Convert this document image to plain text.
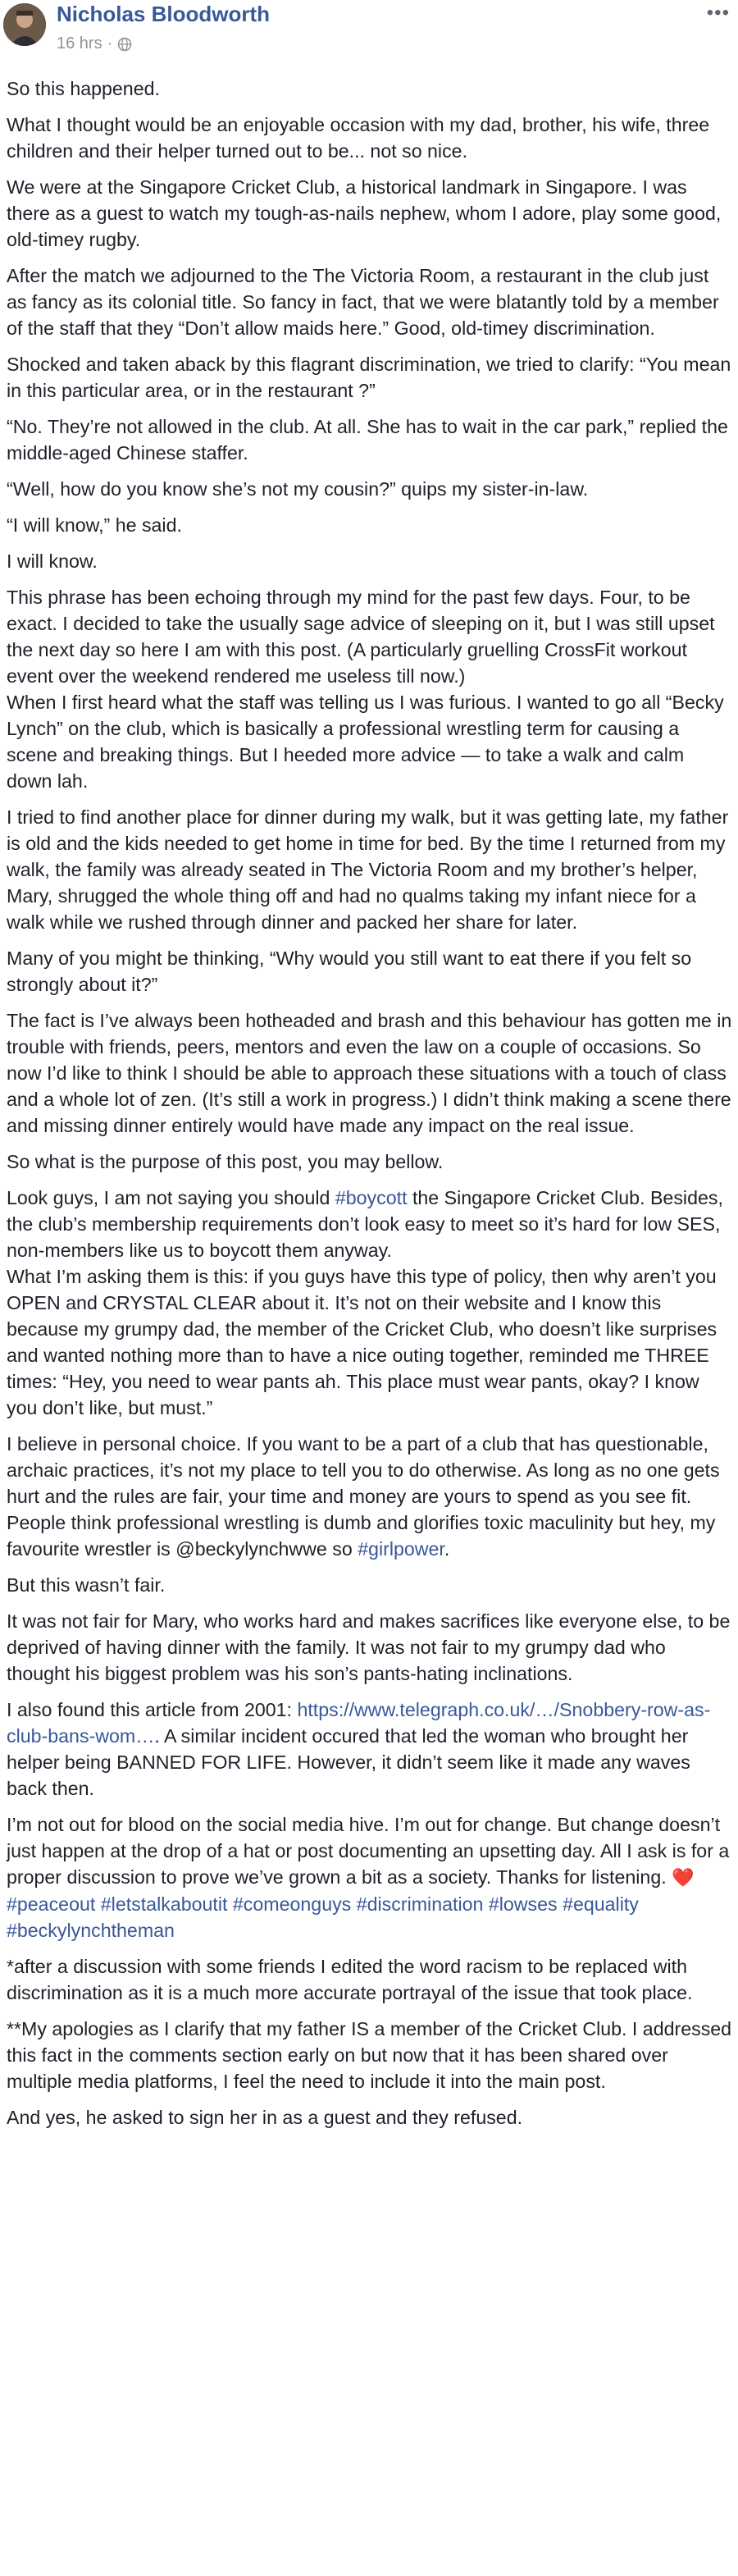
Nicholas Bloodworth
16 hrs ·
•••

So this happened.

What I thought would be an enjoyable occasion with my dad, brother, his wife, three children and their helper turned out to be... not so nice.

We were at the Singapore Cricket Club, a historical landmark in Singapore. I was there as a guest to watch my tough-as-nails nephew, whom I adore, play some good, old-timey rugby.

After the match we adjourned to the The Victoria Room, a restaurant in the club just as fancy as its colonial title. So fancy in fact, that we were blatantly told by a member of the staff that they “Don’t allow maids here.” Good, old-timey discrimination.

Shocked and taken aback by this flagrant discrimination, we tried to clarify: “You mean in this particular area, or in the restaurant ?”

“No. They’re not allowed in the club. At all. She has to wait in the car park,” replied the middle-aged Chinese staffer.

“Well, how do you know she’s not my cousin?” quips my sister-in-law.

“I will know,” he said.

I will know.

This phrase has been echoing through my mind for the past few days. Four, to be exact. I decided to take the usually sage advice of sleeping on it, but I was still upset the next day so here I am with this post. (A particularly gruelling CrossFit workout event over the weekend rendered me useless till now.)

When I first heard what the staff was telling us I was furious. I wanted to go all “Becky Lynch” on the club, which is basically a professional wrestling term for causing a scene and breaking things. But I heeded more advice — to take a walk and calm down lah.

I tried to find another place for dinner during my walk, but it was getting late, my father is old and the kids needed to get home in time for bed. By the time I returned from my walk, the family was already seated in The Victoria Room and my brother’s helper, Mary, shrugged the whole thing off and had no qualms taking my infant niece for a walk while we rushed through dinner and packed her share for later.

Many of you might be thinking, “Why would you still want to eat there if you felt so strongly about it?”

The fact is I’ve always been hotheaded and brash and this behaviour has gotten me in trouble with friends, peers, mentors and even the law on a couple of occasions. So now I’d like to think I should be able to approach these situations with a touch of class and a whole lot of zen. (It’s still a work in progress.) I didn’t think making a scene there and missing dinner entirely would have made any impact on the real issue.

So what is the purpose of this post, you may bellow.

Look guys, I am not saying you should #boycott the Singapore Cricket Club. Besides, the club’s membership requirements don’t look easy to meet so it’s hard for low SES, non-members like us to boycott them anyway.

What I’m asking them is this: if you guys have this type of policy, then why aren’t you OPEN and CRYSTAL CLEAR about it. It’s not on their website and I know this because my grumpy dad, the member of the Cricket Club, who doesn’t like surprises and wanted nothing more than to have a nice outing together, reminded me THREE times: “Hey, you need to wear pants ah. This place must wear pants, okay? I know you don’t like, but must.”

I believe in personal choice. If you want to be a part of a club that has questionable, archaic practices, it’s not my place to tell you to do otherwise. As long as no one gets hurt and the rules are fair, your time and money are yours to spend as you see fit. People think professional wrestling is dumb and glorifies toxic maculinity but hey, my favourite wrestler is @beckylynchwwe so #girlpower.

But this wasn’t fair.

It was not fair for Mary, who works hard and makes sacrifices like everyone else, to be deprived of having dinner with the family. It was not fair to my grumpy dad who thought his biggest problem was his son’s pants-hating inclinations.

I also found this article from 2001: https://www.telegraph.co.uk/…/Snobbery-row-as-club-bans-wom…. A similar incident occured that led the woman who brought her helper being BANNED FOR LIFE. However, it didn’t seem like it made any waves back then.

I’m not out for blood on the social media hive. I’m out for change. But change doesn’t just happen at the drop of a hat or post documenting an upsetting day. All I ask is for a proper discussion to prove we’ve grown a bit as a society. Thanks for listening. ❤️

#peaceout #letstalkaboutit #comeonguys #discrimination #lowses #equality #beckylynchtheman

*after a discussion with some friends I edited the word racism to be replaced with discrimination as it is a much more accurate portrayal of the issue that took place.

**My apologies as I clarify that my father IS a member of the Cricket Club. I addressed this fact in the comments section early on but now that it has been shared over multiple media platforms, I feel the need to include it into the main post.

And yes, he asked to sign her in as a guest and they refused.
